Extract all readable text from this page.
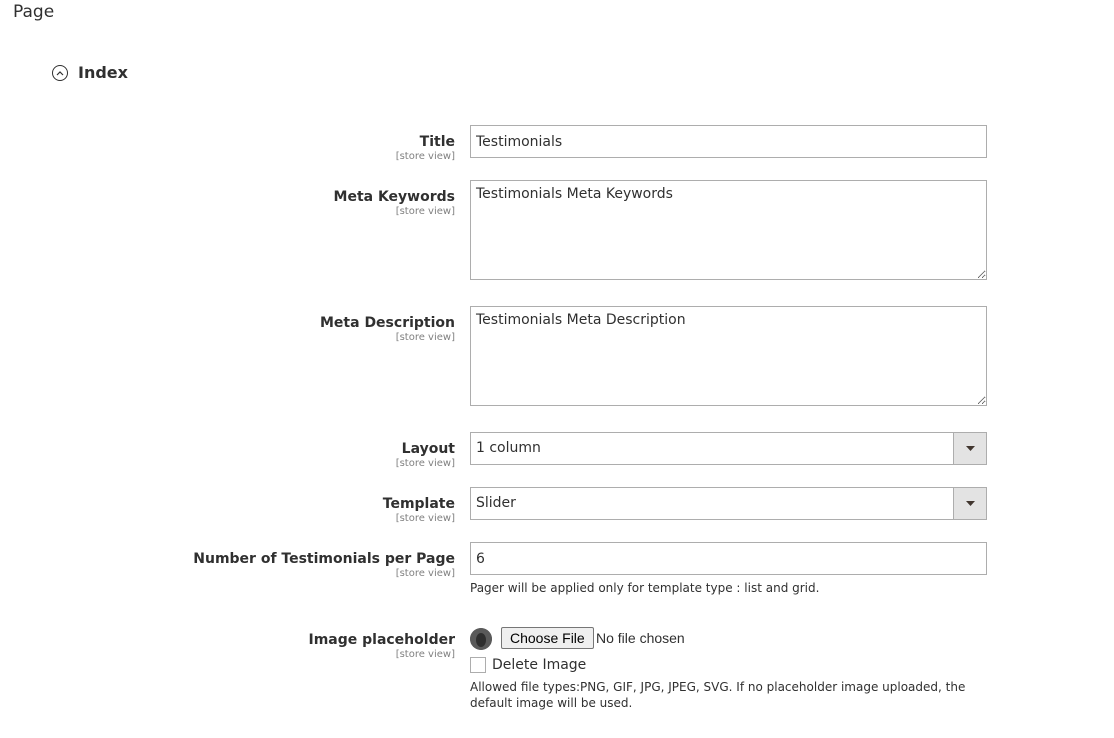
Page
Index
Title
[store view]
Testimonials
Meta Keywords
[store view]
Testimonials Meta Keywords
Meta Description
[store view]
Testimonials Meta Description
Layout
[store view]
1 column
Template
[store view]
Slider
Number of Testimonials per Page
[store view]
6
Pager will be applied only for template type : list and grid.
Image placeholder
[store view]
Choose File No file chosen
Delete Image
Allowed file types:PNG, GIF, JPG, JPEG, SVG. If no placeholder image uploaded, the default image will be used.
